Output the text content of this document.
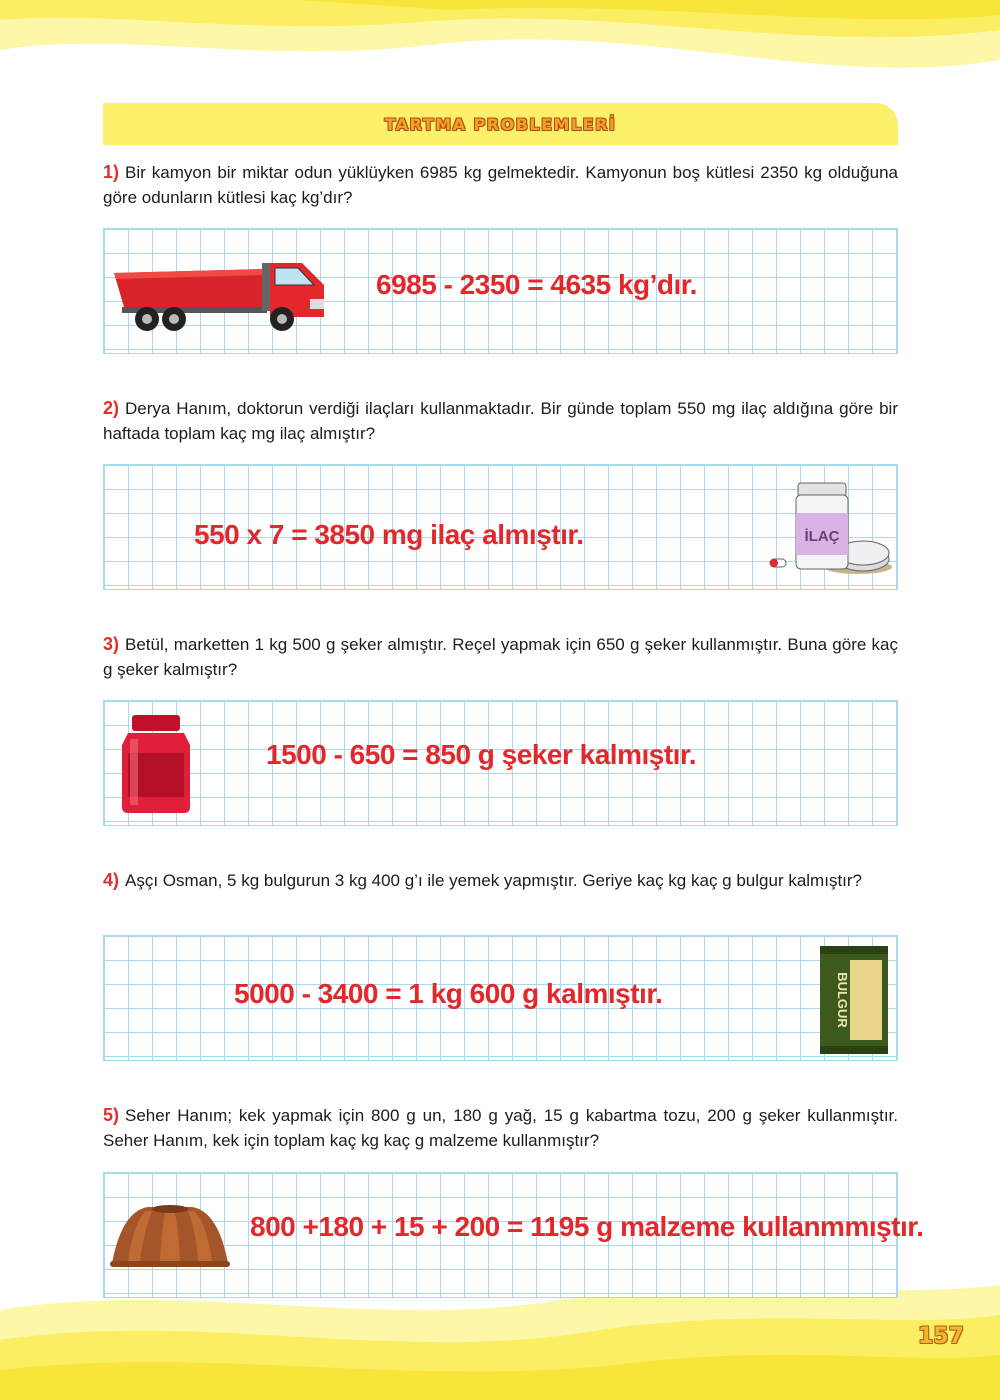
TARTMA PROBLEMLERİ
1) Bir kamyon bir miktar odun yüklüyken 6985 kg gelmektedir. Kamyonun boş kütlesi 2350 kg olduğuna göre odunların kütlesi kaç kg’dır?
6985 - 2350 = 4635 kg’dır.
2) Derya Hanım, doktorun verdiği ilaçları kullanmaktadır. Bir günde toplam 550 mg ilaç aldığına göre bir haftada toplam kaç mg ilaç almıştır?
550 x 7 = 3850 mg ilaç almıştır.	İLAÇ
3) Betül, marketten 1 kg 500 g şeker almıştır. Reçel yapmak için 650 g şeker kullanmıştır. Buna göre kaç g şeker kalmıştır?
1500 - 650 = 850 g şeker kalmıştır.
4) Aşçı Osman, 5 kg bulgurun 3 kg 400 g’ı ile yemek yapmıştır. Geriye kaç kg kaç g bulgur kalmıştır?
5000 - 3400 = 1 kg 600 g kalmıştır.	BULGUR
5) Seher Hanım; kek yapmak için 800 g un, 180 g yağ, 15 g kabartma tozu, 200 g şeker kullanmıştır. Seher Hanım, kek için toplam kaç kg kaç g malzeme kullanmıştır?
800 +180 + 15 + 200 = 1195 g malzeme kullanmmıştır.
157
